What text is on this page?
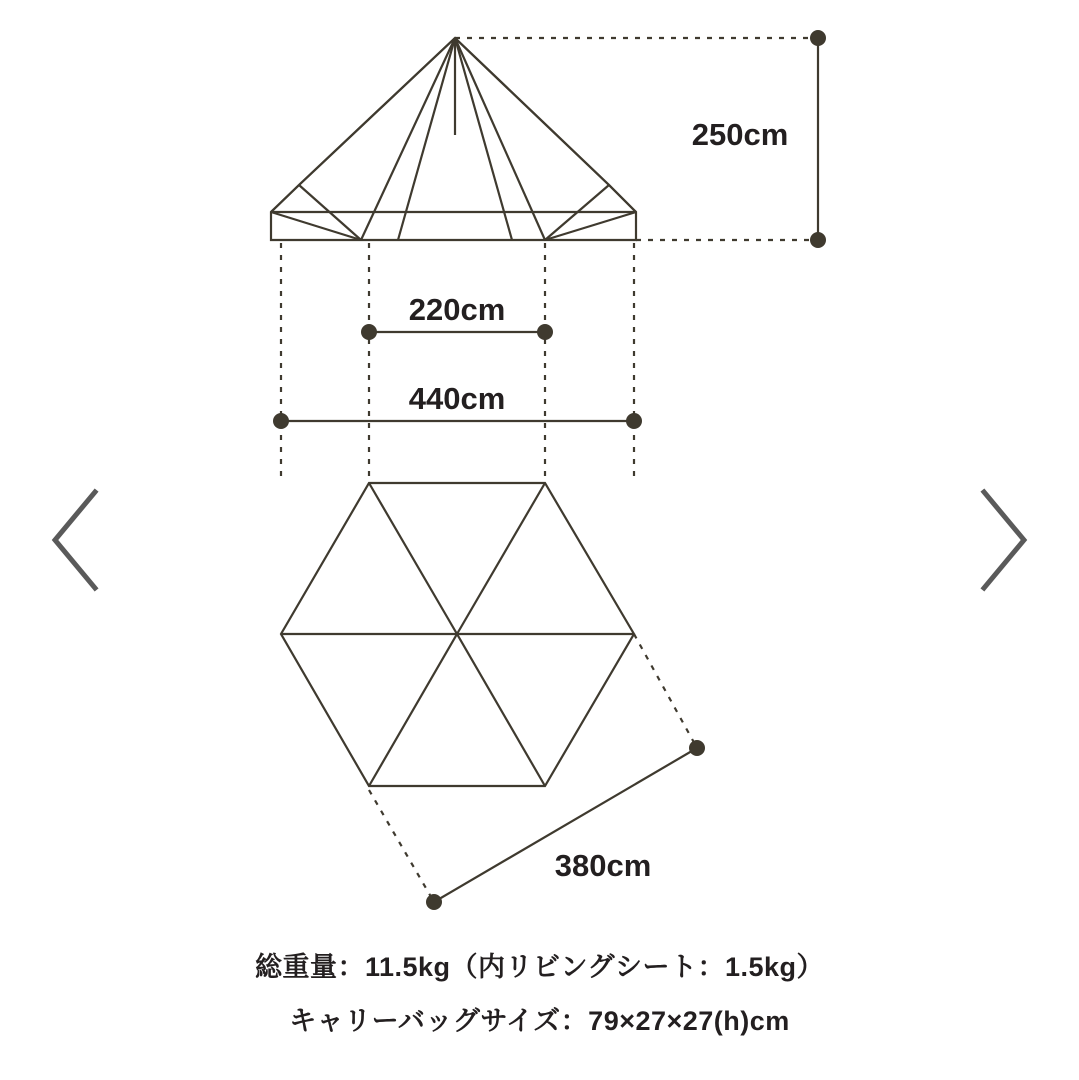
250cm
220cm
440cm
380cm
総重量：11.5kg（内リビングシート：1.5kg）
キャリーバッグサイズ：79×27×27(h)cm
